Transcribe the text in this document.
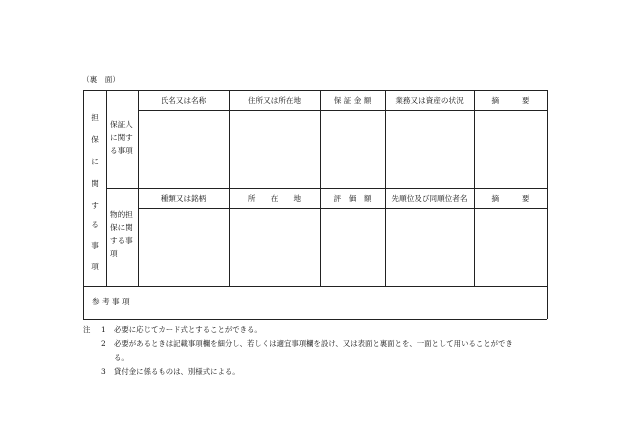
（裏　面）
担
保
に
関
す
る
事
項
保証人
に関す
る事項
氏名又は名称	住所又は所在地	保 証 金 額	業務又は資産の状況	摘　　　要
物的担
保に関
する事
項
種類又は銘柄	所　　在　　地	評　価　額	先順位及び同順位者名	摘　　　要
参 考 事 項
注 1 必要に応じてカード式とすることができる。
2 必要があるときは記載事項欄を細分し、若しくは適宜事項欄を設け、又は表面と裏面とを、一面として用いることができ
る。
3 貸付金に係るものは、別様式による。
